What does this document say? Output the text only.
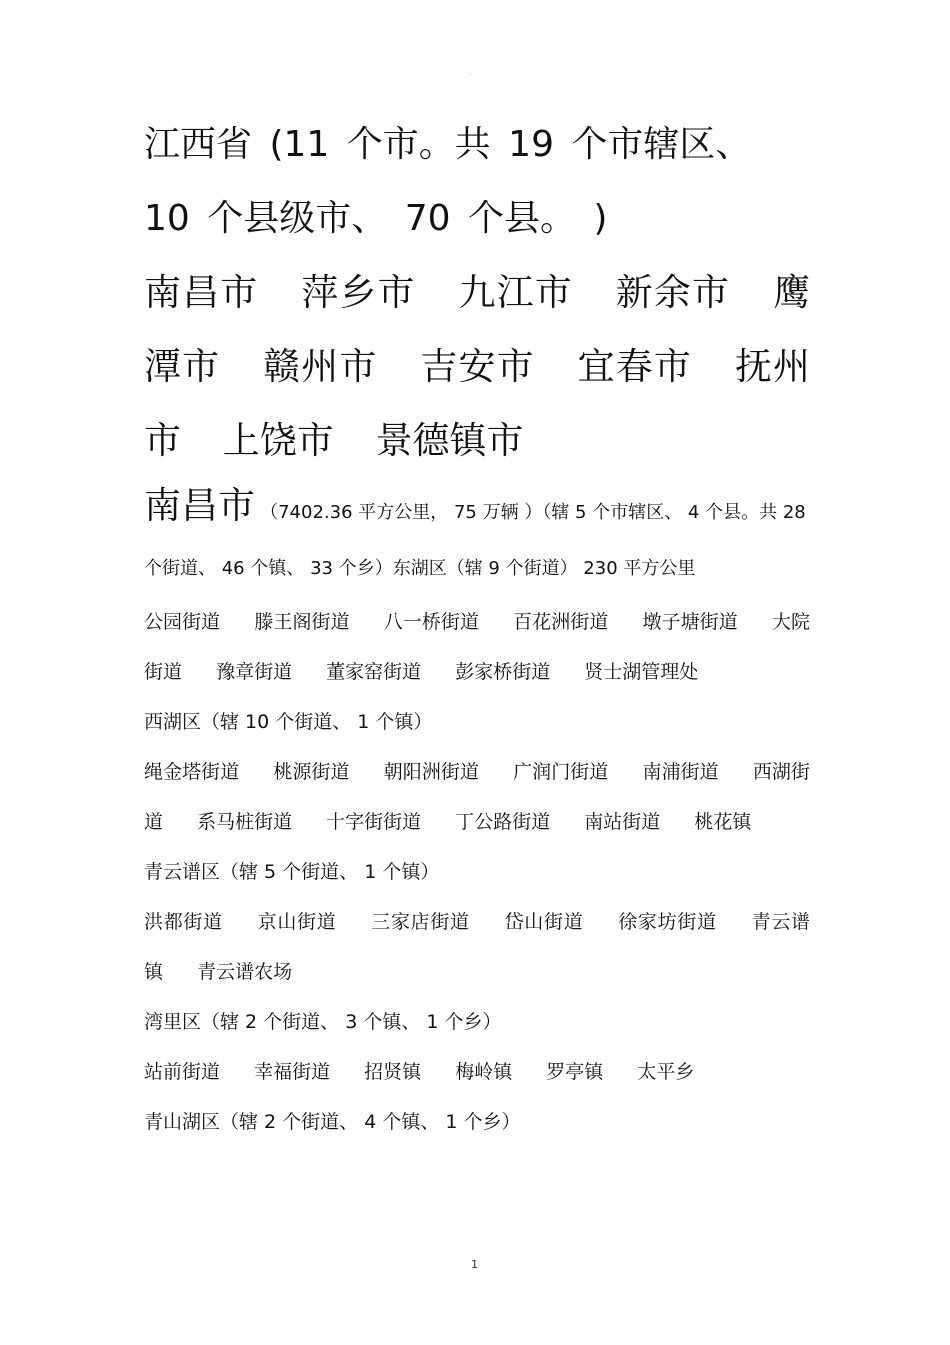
·
江西省 (11 个市。共 19 个市辖区、 10 个县级市、 70 个县。 )

南昌市 萍乡市 九江市 新余市 鹰潭市 赣州市 吉安市 宜春市 抚州市 上饶市 景德镇市

南昌市 （7402.36 平方公里， 75 万辆 ）（辖 5 个市辖区、 4 个县。共 28 个街道、 46 个镇、 33 个乡）东湖区（辖 9 个街道） 230 平方公里

公园街道 滕王阁街道 八一桥街道 百花洲街道 墩子塘街道 大院街道 豫章街道 董家窑街道 彭家桥街道 贤士湖管理处

西湖区（辖 10 个街道、 1 个镇）

绳金塔街道 桃源街道 朝阳洲街道 广润门街道 南浦街道 西湖街道 系马桩街道 十字街街道 丁公路街道 南站街道 桃花镇

青云谱区（辖 5 个街道、 1 个镇）

洪都街道 京山街道 三家店街道 岱山街道 徐家坊街道 青云谱镇 青云谱农场

湾里区（辖 2 个街道、 3 个镇、 1 个乡）

站前街道 幸福街道 招贤镇 梅岭镇 罗亭镇 太平乡

青山湖区（辖 2 个街道、 4 个镇、 1 个乡）

1
